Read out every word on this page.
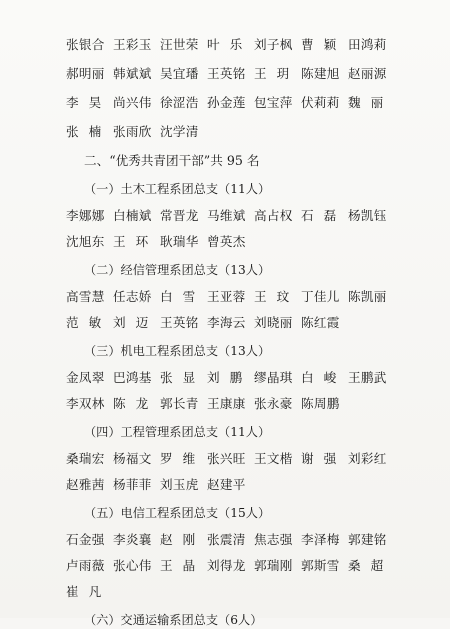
张银合 王彩玉 汪世荣 叶乐 刘子枫 曹颖 田鸿莉
郝明丽 韩斌斌 吴宜璠 王英铭 王玥 陈建旭 赵丽源
李昊 尚兴伟 徐涩浩 孙金莲 包宝萍 伏莉莉 魏丽
张楠 张雨欣 沈学清
二、“优秀共青团干部”共 95 名
（一）土木工程系团总支（11人）
李娜娜 白楠斌 常晋龙 马维斌 高占权 石磊 杨凯钰
沈旭东 王环 耿瑞华 曾英杰
（二）经信管理系团总支（13人）
高雪慧 任志娇 白雪 王亚蓉 王玟 丁佳儿 陈凯丽
范敏 刘迈 王英铭 李海云 刘晓丽 陈红霞
（三）机电工程系团总支（13人）
金凤翠 巴鸿基 张显 刘鹏 缪晶琪 白峻 王鹏武
李双林 陈龙 郭长青 王康康 张永豪 陈周鹏
（四）工程管理系团总支（11人）
桑瑞宏 杨福文 罗维 张兴旺 王文楷 谢强 刘彩红
赵雅茜 杨菲菲 刘玉虎 赵建平
（五）电信工程系团总支（15人）
石金强 李炎襄 赵刚 张震清 焦志强 李泽梅 郭建铭
卢雨薇 张心伟 王晶 刘得龙 郭瑞刚 郭斯雪 桑超
崔凡
（六）交通运输系团总支（6人）
